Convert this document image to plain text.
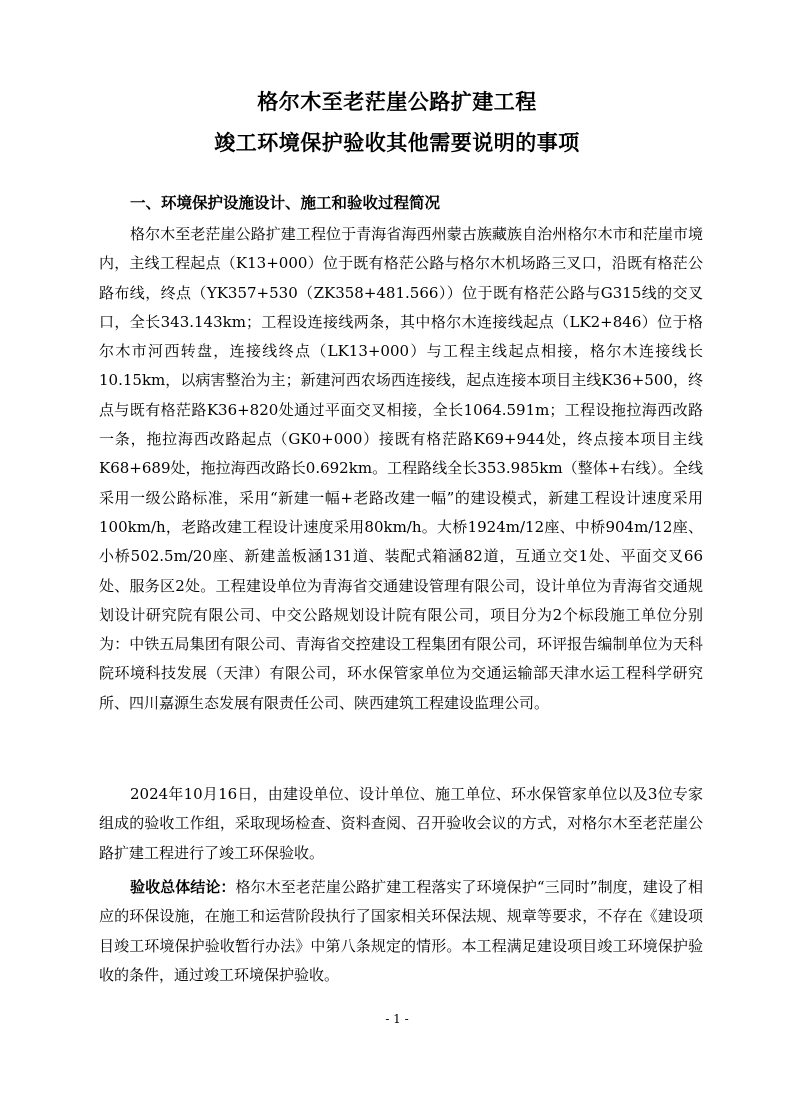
格尔木至老茫崖公路扩建工程
竣工环境保护验收其他需要说明的事项
一、环境保护设施设计、施工和验收过程简况

格尔木至老茫崖公路扩建工程位于青海省海西州蒙古族藏族自治州格尔木市和茫崖市境内，主线工程起点（K13+000）位于既有格茫公路与格尔木机场路三叉口，沿既有格茫公路布线，终点（YK357+530（ZK358+481.566））位于既有格茫公路与G315线的交叉口，全长343.143km；工程设连接线两条，其中格尔木连接线起点（LK2+846）位于格尔木市河西转盘，连接线终点（LK13+000）与工程主线起点相接，格尔木连接线长10.15km，以病害整治为主；新建河西农场西连接线，起点连接本项目主线K36+500，终点与既有格茫路K36+820处通过平面交叉相接，全长1064.591m；工程设拖拉海西改路一条，拖拉海西改路起点（GK0+000）接既有格茫路K69+944处，终点接本项目主线K68+689处，拖拉海西改路长0.692km。工程路线全长353.985km（整体+右线）。全线采用一级公路标准，采用“新建一幅+老路改建一幅”的建设模式，新建工程设计速度采用100km/h，老路改建工程设计速度采用80km/h。大桥1924m/12座、中桥904m/12座、小桥502.5m/20座、新建盖板涵131道、装配式箱涵82道，互通立交1处、平面交叉66处、服务区2处。工程建设单位为青海省交通建设管理有限公司，设计单位为青海省交通规划设计研究院有限公司、中交公路规划设计院有限公司，项目分为2个标段施工单位分别为：中铁五局集团有限公司、青海省交控建设工程集团有限公司，环评报告编制单位为天科院环境科技发展（天津）有限公司，环水保管家单位为交通运输部天津水运工程科学研究所、四川嘉源生态发展有限责任公司、陕西建筑工程建设监理公司。

2024年10月16日，由建设单位、设计单位、施工单位、环水保管家单位以及3位专家组成的验收工作组，采取现场检查、资料查阅、召开验收会议的方式，对格尔木至老茫崖公路扩建工程进行了竣工环保验收。

验收总体结论：格尔木至老茫崖公路扩建工程落实了环境保护“三同时”制度，建设了相应的环保设施，在施工和运营阶段执行了国家相关环保法规、规章等要求，不存在《建设项目竣工环境保护验收暂行办法》中第八条规定的情形。本工程满足建设项目竣工环境保护验收的条件，通过竣工环境保护验收。

- 1 -
